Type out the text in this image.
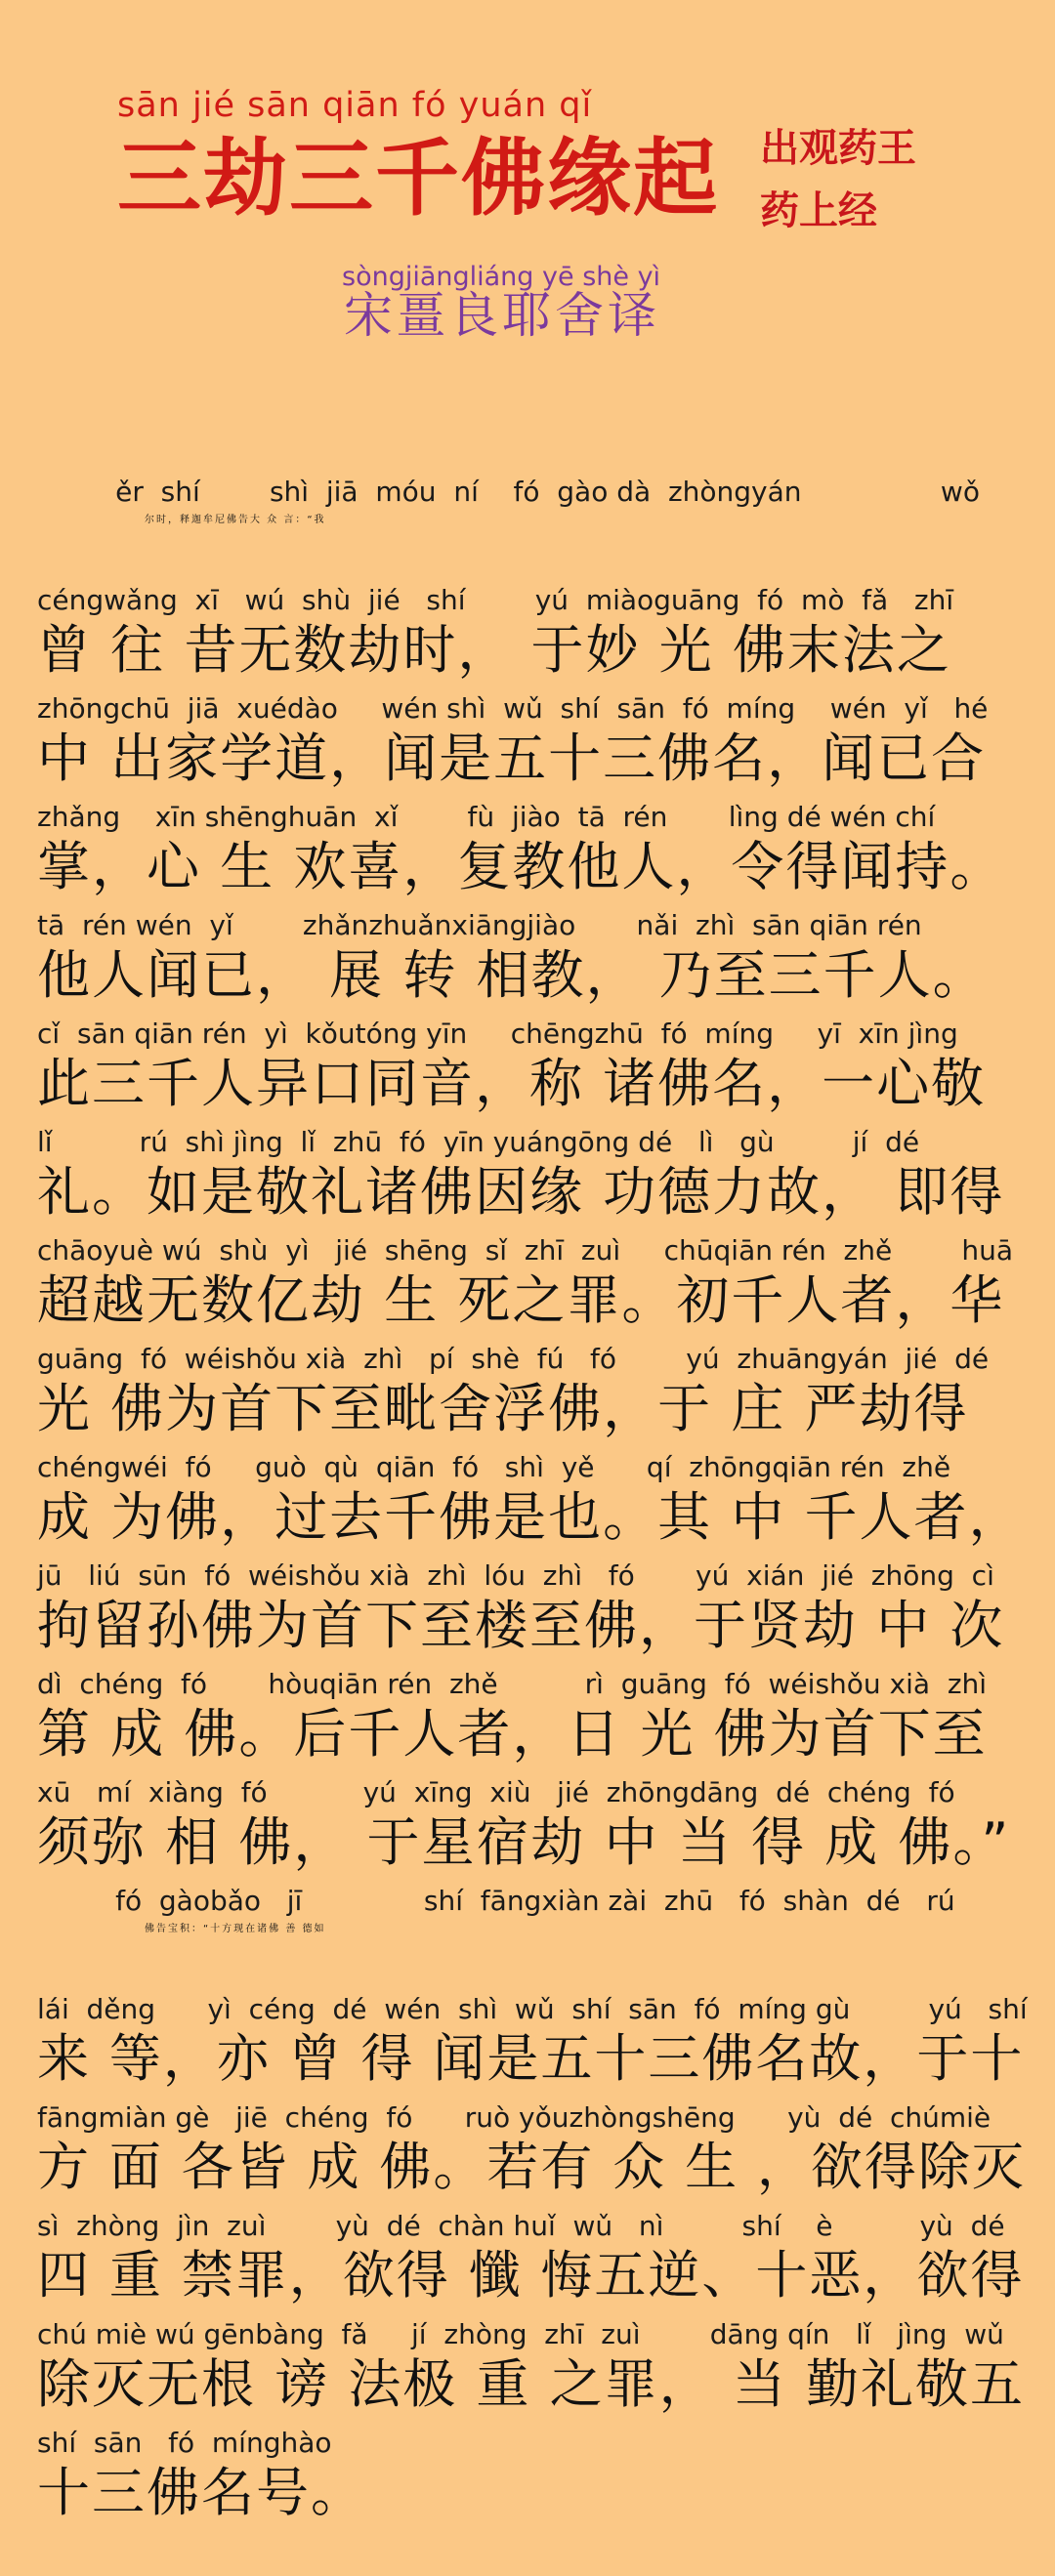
sān jié sān qiān fó yuán qǐ
三劫三千佛缘起 出观药王
药上经
sòngjiāngliáng yē shè yì
宋畺良耶舍译
ěr  shí        shì  jiā  móu  ní    fó  gào dà  zhòngyán                wǒ
尔时，释迦牟尼佛告大 众 言：“我
céngwǎng  xī   wú  shù  jié   shí        yú  miàoguāng  fó  mò  fǎ   zhī
曾 往 昔无数劫时， 于妙 光 佛末法之
zhōngchū  jiā  xuédào     wén shì  wǔ  shí  sān  fó  míng    wén  yǐ   hé
中 出家学道，闻是五十三佛名，闻已合
zhǎng    xīn shēnghuān  xǐ        fù  jiào  tā  rén       lìng dé wén chí
掌，心 生 欢喜，复教他人，令得闻持。
tā  rén wén  yǐ        zhǎnzhuǎnxiāngjiào       nǎi  zhì  sān qiān rén
他人闻已， 展 转 相教， 乃至三千人。
cǐ  sān qiān rén  yì  kǒutóng yīn     chēngzhū  fó  míng     yī  xīn jìng
此三千人异口同音，称 诸佛名，一心敬
lǐ          rú  shì jìng  lǐ  zhū  fó  yīn yuángōng dé   lì   gù         jí  dé
礼。如是敬礼诸佛因缘 功德力故， 即得
chāoyuè wú  shù  yì   jié  shēng  sǐ  zhī  zuì     chūqiān rén  zhě        huā
超越无数亿劫 生 死之罪。初千人者，华
guāng  fó  wéishǒu xià  zhì   pí  shè  fú   fó        yú  zhuāngyán  jié  dé
光 佛为首下至毗舍浮佛，于 庄 严劫得
chéngwéi  fó     guò  qù  qiān  fó   shì  yě      qí  zhōngqiān rén  zhě
成 为佛，过去千佛是也。其 中 千人者，
jū   liú  sūn  fó  wéishǒu xià  zhì  lóu  zhì   fó       yú  xián  jié  zhōng  cì
拘留孙佛为首下至楼至佛，于贤劫 中 次
dì  chéng  fó       hòuqiān rén  zhě          rì  guāng  fó  wéishǒu xià  zhì
第 成 佛。后千人者，日 光 佛为首下至
xū   mí  xiàng  fó           yú  xīng  xiù   jié  zhōngdāng  dé  chéng  fó
须弥 相 佛， 于星宿劫 中 当 得 成 佛。”
fó  gàobǎo   jī              shí  fāngxiàn zài  zhū   fó  shàn  dé   rú
佛告宝积：“十方现在诸佛 善 德如
lái  děng      yì  céng  dé  wén  shì  wǔ  shí  sān  fó  míng gù         yú   shí
来 等，亦 曾 得 闻是五十三佛名故，于十
fāngmiàn gè   jiē  chéng  fó      ruò yǒuzhòngshēng      yù  dé  chúmiè
方 面 各皆 成 佛。若有 众 生 ，欲得除灭
sì  zhòng  jìn  zuì        yù  dé  chàn huǐ  wǔ   nì         shí    è          yù  dé
四 重 禁罪，欲得 懺 悔五逆、十恶，欲得
chú miè wú gēnbàng  fǎ     jí  zhòng  zhī  zuì        dāng qín   lǐ   jìng  wǔ
除灭无根 谤 法极 重 之罪， 当 勤礼敬五
shí  sān   fó  mínghào
十三佛名号。
